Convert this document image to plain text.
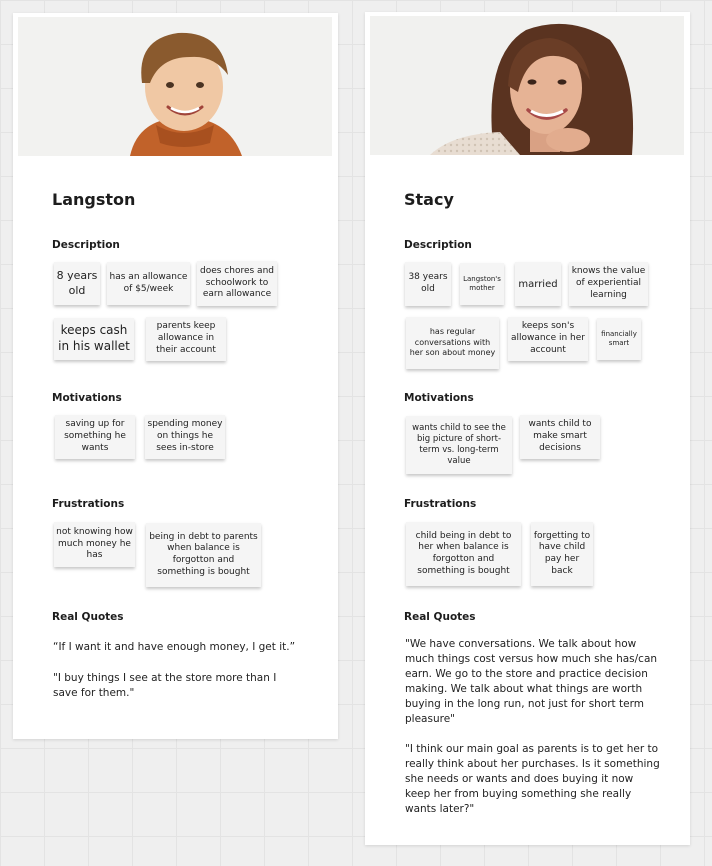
Langston
Description
8 years old
has an allowance of $5/week
does chores and schoolwork to earn allowance
keeps cash in his wallet
parents keep allowance in their account
Motivations
saving up for something he wants
spending money on things he sees in-store
Frustrations
not knowing how much money he has
being in debt to parents when balance is forgotton and something is bought
Real Quotes
“If I want it and have enough money, I get it.”
"I buy things I see at the store more than I save for them."
Stacy
Description
38 years old
Langston's mother	married
knows the value of experiential learning
has regular conversations with her son about money
keeps son's allowance in her account
financially smart
Motivations
wants child to see the big picture of short-term vs. long-term value
wants child to make smart decisions
Frustrations
child being in debt to her when balance is forgotton and something is bought
forgetting to have child pay her back
Real Quotes
"We have conversations. We talk about how much things cost versus how much she has/can earn. We go to the store and practice decision making. We talk about what things are worth buying in the long run, not just for short term pleasure"
"I think our main goal as parents is to get her to really think about her purchases. Is it something she needs or wants and does buying it now keep her from buying something she really wants later?"
